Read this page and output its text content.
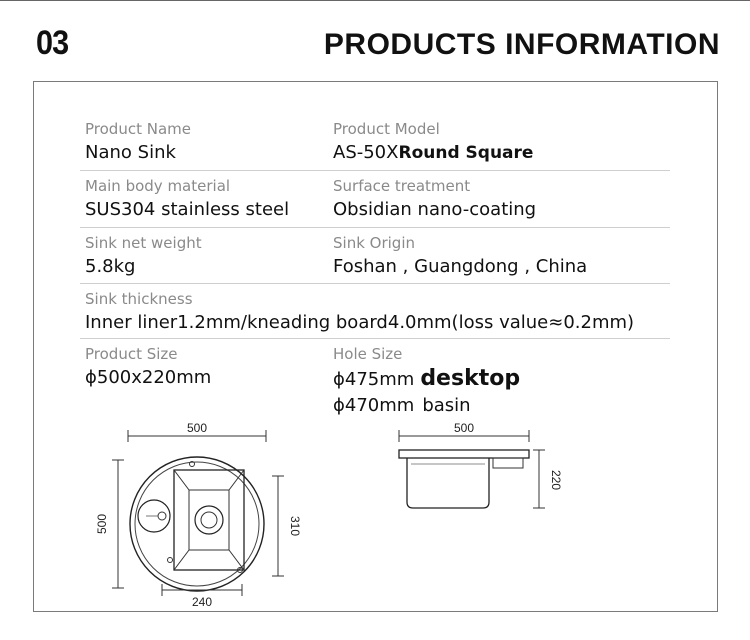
03	PRODUCTS INFORMATION
Product Name
Nano Sink
Product Model
AS-50XRound Square
Main body material
SUS304 stainless steel
Surface treatment
Obsidian nano-coating
Sink net weight
5.8kg
Sink Origin
Foshan , Guangdong , China
Sink thickness
Inner liner1.2mm/kneading board4.0mm(loss value≈0.2mm)
Product Size
ϕ500x220mm
Hole Size
ϕ475mm desktop
ϕ470mm basin
500
500	310
240
500
220
